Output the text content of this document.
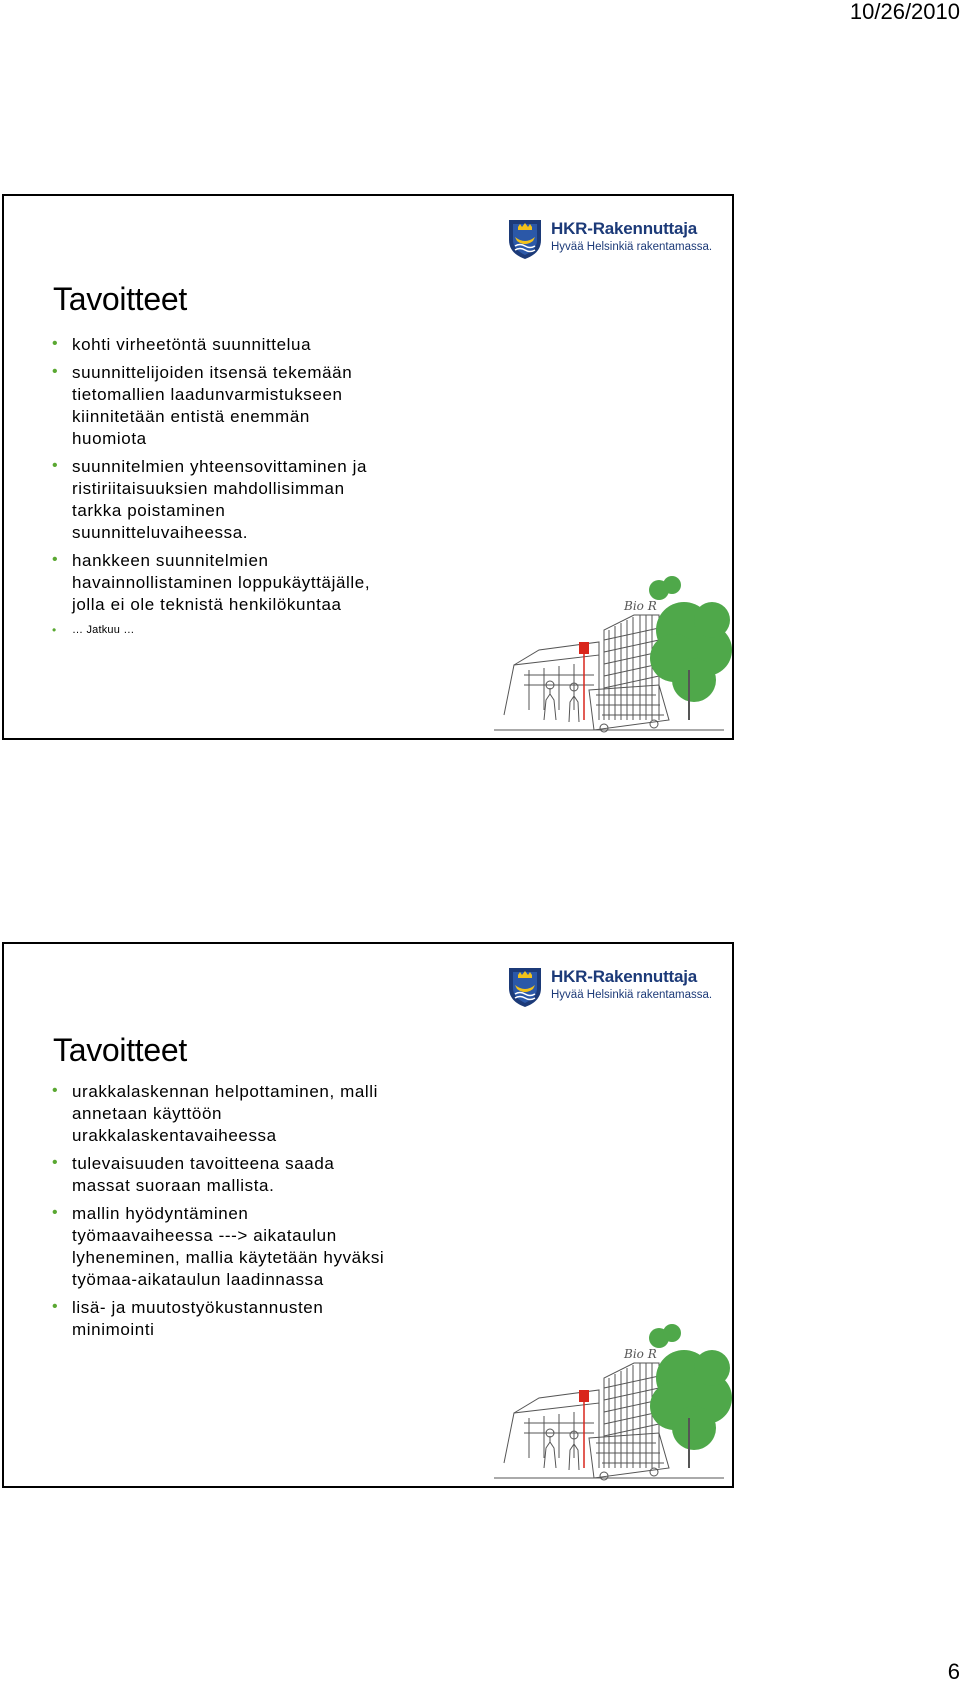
10/26/2010
HKR-Rakennuttaja
Hyvää Helsinkiä rakentamassa.
Tavoitteet
• kohti virheetöntä suunnittelua
• suunnittelijoiden itsensä tekemään
tietomallien laadunvarmistukseen
kiinnitetään entistä enemmän
huomiota
• suunnitelmien yhteensovittaminen ja
ristiriitaisuuksien mahdollisimman
tarkka poistaminen
suunnitteluvaiheessa.
• hankkeen suunnitelmien
havainnollistaminen loppukäyttäjälle,
jolla ei ole teknistä henkilökuntaa
• … Jatkuu …
Bio R
HKR-Rakennuttaja
Hyvää Helsinkiä rakentamassa.
Tavoitteet
• urakkalaskennan helpottaminen, malli
annetaan käyttöön
urakkalaskentavaiheessa
• tulevaisuuden tavoitteena saada
massat suoraan mallista.
• mallin hyödyntäminen
työmaavaiheessa ---> aikataulun
lyheneminen, mallia käytetään hyväksi
työmaa-aikataulun laadinnassa
• lisä- ja muutostyökustannusten
minimointi
Bio R
6
